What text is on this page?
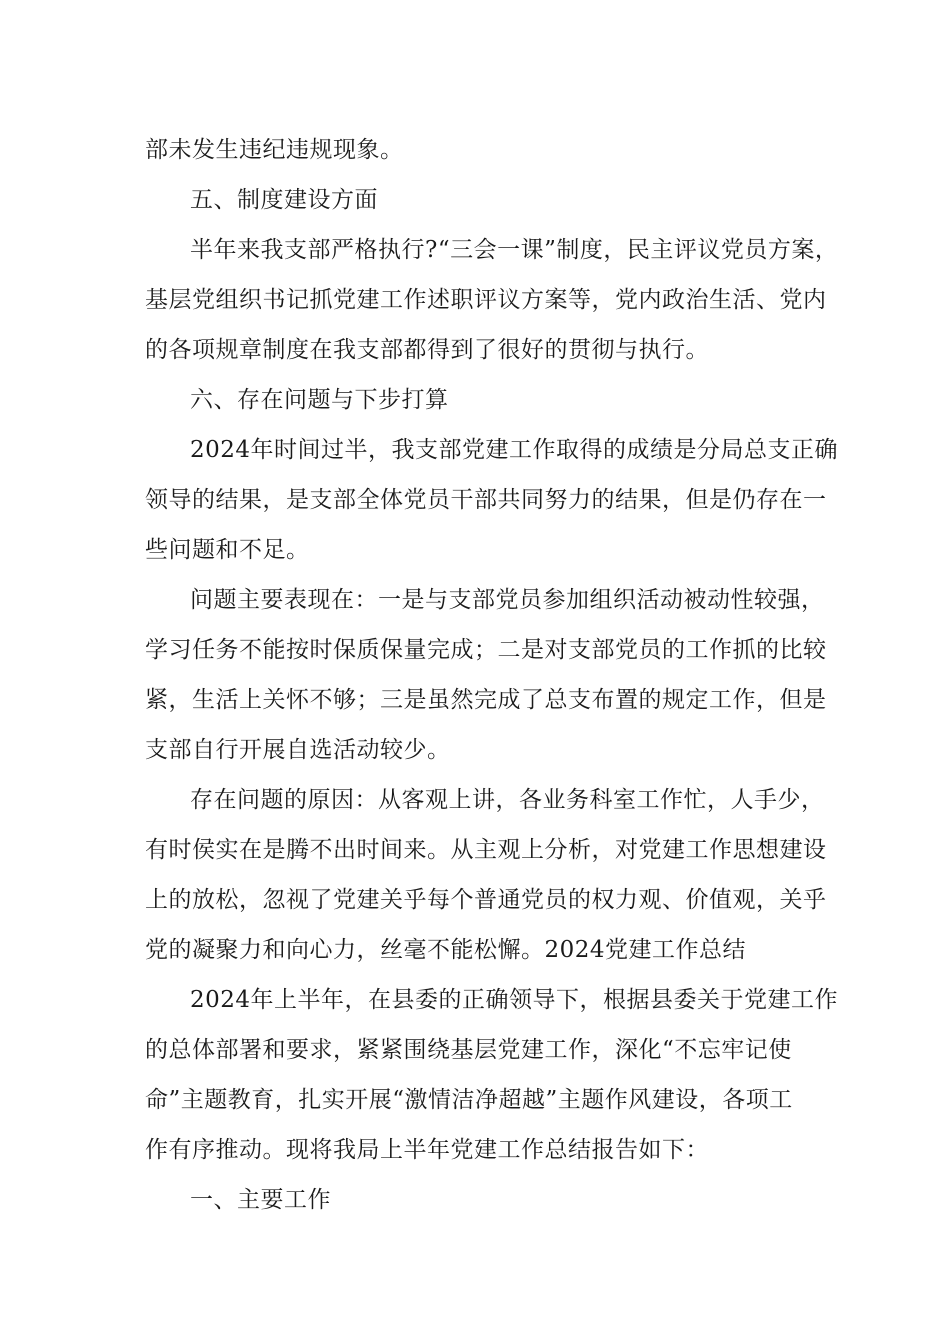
部未发生违纪违规现象。
五、制度建设方面
半年来我支部严格执行?“三会一课”制度，民主评议党员方案，
基层党组织书记抓党建工作述职评议方案等，党内政治生活、党内
的各项规章制度在我支部都得到了很好的贯彻与执行。
六、存在问题与下步打算
2024年时间过半，我支部党建工作取得的成绩是分局总支正确
领导的结果，是支部全体党员干部共同努力的结果，但是仍存在一
些问题和不足。
问题主要表现在：一是与支部党员参加组织活动被动性较强，
学习任务不能按时保质保量完成；二是对支部党员的工作抓的比较
紧，生活上关怀不够；三是虽然完成了总支布置的规定工作，但是
支部自行开展自选活动较少。
存在问题的原因：从客观上讲，各业务科室工作忙，人手少，
有时侯实在是腾不出时间来。从主观上分析，对党建工作思想建设
上的放松，忽视了党建关乎每个普通党员的权力观、价值观，关乎
党的凝聚力和向心力，丝毫不能松懈。2024党建工作总结
2024年上半年，在县委的正确领导下，根据县委关于党建工作
的总体部署和要求，紧紧围绕基层党建工作，深化“不忘牢记使
命”主题教育，扎实开展“激情洁净超越”主题作风建设，各项工
作有序推动。现将我局上半年党建工作总结报告如下：
一、主要工作
